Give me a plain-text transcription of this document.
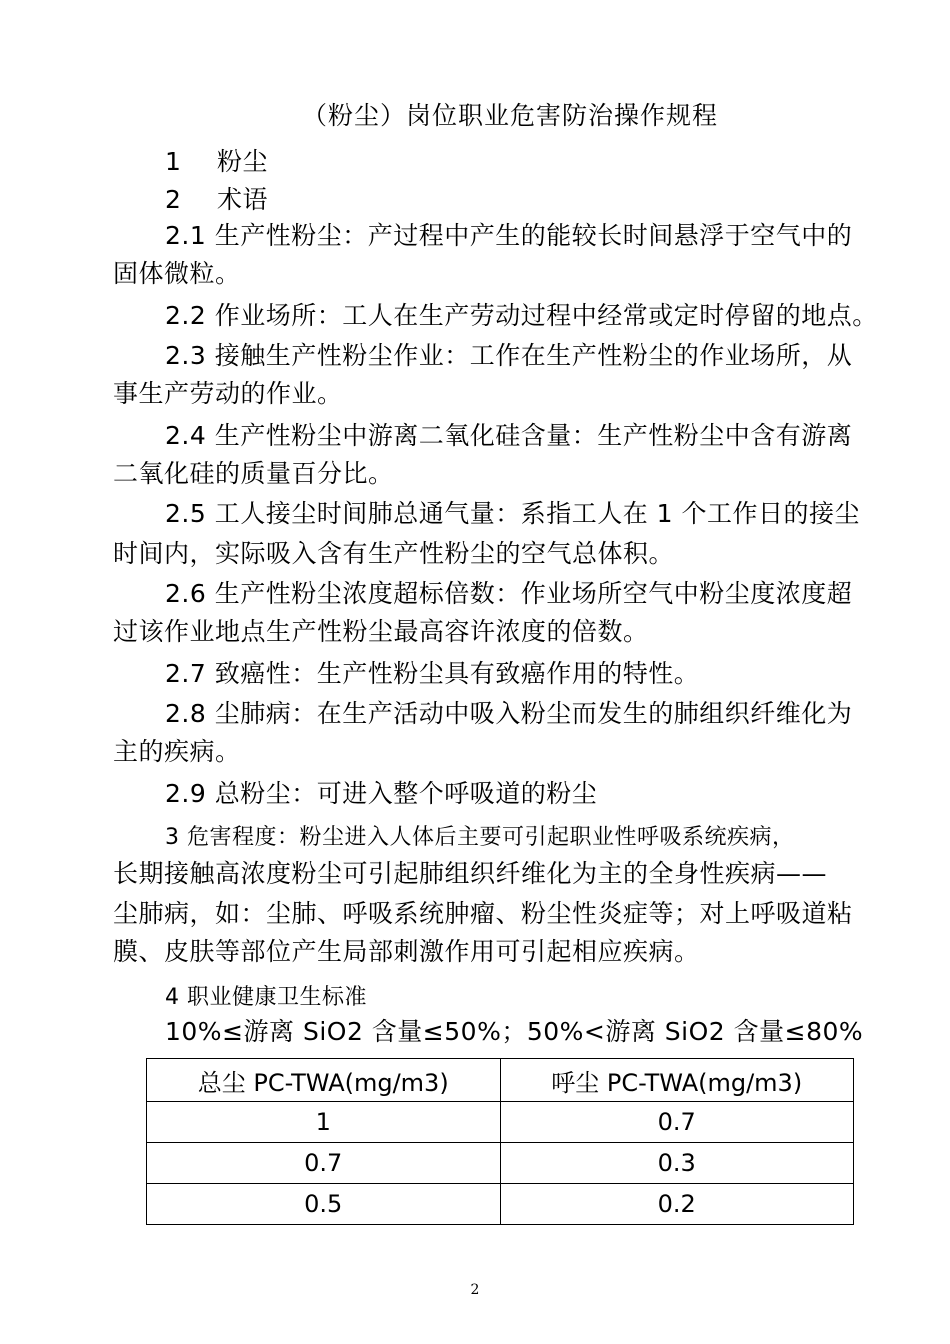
（粉尘）岗位职业危害防治操作规程
1 粉尘
2 术语
2.1 生产性粉尘：产过程中产生的能较长时间悬浮于空气中的
固体微粒。
2.2 作业场所：工人在生产劳动过程中经常或定时停留的地点。
2.3 接触生产性粉尘作业：工作在生产性粉尘的作业场所，从
事生产劳动的作业。
2.4 生产性粉尘中游离二氧化硅含量：生产性粉尘中含有游离
二氧化硅的质量百分比。
2.5 工人接尘时间肺总通气量：系指工人在 1 个工作日的接尘
时间内，实际吸入含有生产性粉尘的空气总体积。
2.6 生产性粉尘浓度超标倍数：作业场所空气中粉尘度浓度超
过该作业地点生产性粉尘最高容许浓度的倍数。
2.7 致癌性：生产性粉尘具有致癌作用的特性。
2.8 尘肺病：在生产活动中吸入粉尘而发生的肺组织纤维化为
主的疾病。
2.9 总粉尘：可进入整个呼吸道的粉尘
3 危害程度：粉尘进入人体后主要可引起职业性呼吸系统疾病，
长期接触高浓度粉尘可引起肺组织纤维化为主的全身性疾病——
尘肺病，如：尘肺、呼吸系统肿瘤、粉尘性炎症等；对上呼吸道粘
膜、皮肤等部位产生局部刺激作用可引起相应疾病。
4 职业健康卫生标准
10%≤游离 SiO2 含量≤50%；50%<游离 SiO2 含量≤80%
总尘 PC-TWA(mg/m3)	呼尘 PC-TWA(mg/m3)
1	0.7
0.7	0.3
0.5	0.2
2
